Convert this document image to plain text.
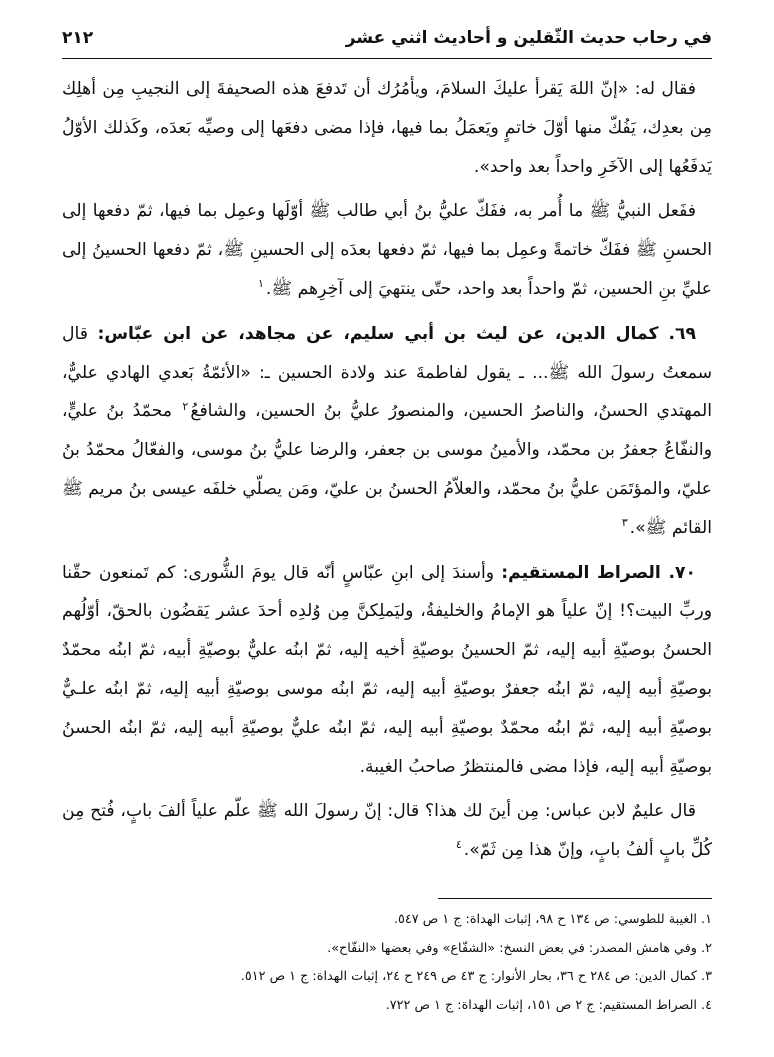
في رحاب حديث الثّقلين و أحاديث اثني عشر
٢١٢

فقال له: «إنّ اللهَ يَقرأ عليكَ السلامَ، ويأمُرُك أن تَدفعَ هذه الصحيفةَ إلى النجيبِ مِن أهلِك مِن بعدِك، يَفُكّ منها أوّلَ خاتمٍ ويَعمَلُ بما فيها، فإذا مضى دفعَها إلى وصيِّه بَعدَه، وكَذلك الأوّلُ يَدفَعُها إلى الآخَرِ واحداً بعد واحد».

ففَعل النبيُّ ﷺ ما أُمر به، ففَكّ عليُّ بنُ أبي طالب ﷺ أوّلَها وعمِل بما فيها، ثمّ دفعها إلى الحسنِ ﷺ ففَكّ خاتمةً وعمِل بما فيها، ثمّ دفعها بعدَه إلى الحسينِ ﷺ، ثمّ دفعها الحسينُ إلى عليِّ بنِ الحسين، ثمّ واحداً بعد واحد، حتّى ينتهيَ إلى آخِرِهم ﷺ.$^١$

٦٩. كمال الدين، عن ليث بن أبي سليم، عن مجاهد، عن ابن عبّاس: قال سمعتُ رسولَ الله ﷺ... ـ يقول لفاطمةَ عند ولادة الحسين ـ: «الأئمّةُ بَعدي الهادي عليٌّ، المهتدي الحسنُ، والناصرُ الحسين، والمنصورُ عليُّ بنُ الحسين، والشافعُ$^٢$ محمّدُ بنُ عليٍّ، والنفّاعُ جعفرُ بن محمّد، والأمينُ موسى بن جعفر، والرضا عليُّ بنُ موسى، والفعّالُ محمّدُ بنُ عليّ، والمؤتَمَن عليُّ بنُ محمّد، والعلاّمُ الحسنُ بن عليّ، ومَن يصلّي خلفَه عيسى بنُ مريم ﷺ القائم ﷺ».$^٣$

٧٠. الصراط المستقيم: وأسندَ إلى ابنِ عبّاسٍ أنّه قال يومَ الشُّورى: كم تَمنعون حقّنا وربِّ البيت؟! إنّ علياً هو الإمامُ والخليفةُ، وليَملِكنَّ مِن وُلدِه أحدَ عشر يَقضُون بالحقّ، أوّلُهم الحسنُ بوصيّةِ أبيه إليه، ثمّ الحسينُ بوصيّةِ أخيه إليه، ثمّ ابنُه عليٌّ بوصيّةِ أبيه، ثمّ ابنُه محمّدٌ بوصيّةِ أبيه إليه، ثمّ ابنُه جعفرٌ بوصيّةِ أبيه إليه، ثمّ ابنُه موسى بوصيّةِ أبيه إليه، ثمّ ابنُه علـيٌّ بوصيّةِ أبيه إليه، ثمّ ابنُه محمّدٌ بوصيّةِ أبيه إليه، ثمّ ابنُه عليٌّ بوصيّةِ أبيه إليه، ثمّ ابنُه الحسنُ بوصيّةِ أبيه إليه، فإذا مضى فالمنتظرُ صاحبُ الغيبة.

قال عليمٌ لابن عباس: مِن أينَ لك هذا؟ قال: إنّ رسولَ الله ﷺ علّم علياً ألفَ بابٍ، فُتح مِن كُلِّ بابٍ ألفُ بابٍ، وإنّ هذا مِن ثَمّ».$^٤$

١. الغيبة للطوسي: ص ١٣٤ ح ٩٨، إثبات الهداة: ج ١ ص ٥٤٧.

٢. وفي هامش المصدر: في بعض النسخ: «الشفّاع» وفي بعضها «النفّاح».

٣. كمال الدين: ص ٢٨٤ ح ٣٦، بحار الأنوار: ج ٤٣ ص ٢٤٩ ح ٢٤، إثبات الهداة: ج ١ ص ٥١٢.

٤. الصراط المستقيم: ج ٢ ص ١٥١، إثبات الهداة: ج ١ ص ٧٢٢.
